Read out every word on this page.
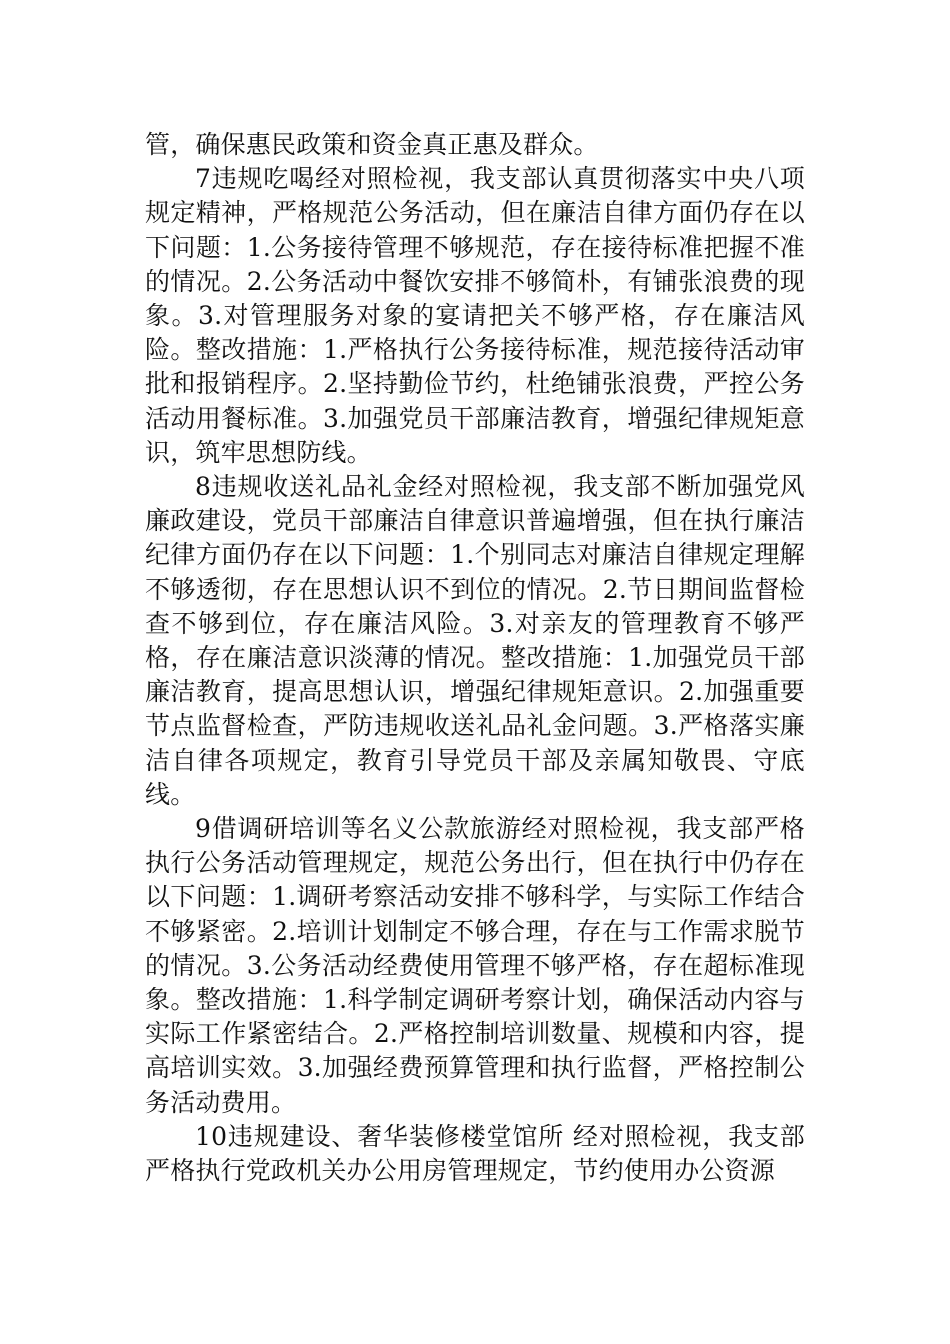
管，确保惠民政策和资金真正惠及群众。

7违规吃喝经对照检视，我支部认真贯彻落实中央八项规定精神，严格规范公务活动，但在廉洁自律方面仍存在以下问题：1.公务接待管理不够规范，存在接待标准把握不准的情况。2.公务活动中餐饮安排不够简朴，有铺张浪费的现象。3.对管理服务对象的宴请把关不够严格，存在廉洁风险。整改措施：1.严格执行公务接待标准，规范接待活动审批和报销程序。2.坚持勤俭节约，杜绝铺张浪费，严控公务活动用餐标准。3.加强党员干部廉洁教育，增强纪律规矩意识，筑牢思想防线。

8违规收送礼品礼金经对照检视，我支部不断加强党风廉政建设，党员干部廉洁自律意识普遍增强，但在执行廉洁纪律方面仍存在以下问题：1.个别同志对廉洁自律规定理解不够透彻，存在思想认识不到位的情况。2.节日期间监督检查不够到位，存在廉洁风险。3.对亲友的管理教育不够严格，存在廉洁意识淡薄的情况。整改措施：1.加强党员干部廉洁教育，提高思想认识，增强纪律规矩意识。2.加强重要节点监督检查，严防违规收送礼品礼金问题。3.严格落实廉洁自律各项规定，教育引导党员干部及亲属知敬畏、守底线。

9借调研培训等名义公款旅游经对照检视，我支部严格执行公务活动管理规定，规范公务出行，但在执行中仍存在以下问题：1.调研考察活动安排不够科学，与实际工作结合不够紧密。2.培训计划制定不够合理，存在与工作需求脱节的情况。3.公务活动经费使用管理不够严格，存在超标准现象。整改措施：1.科学制定调研考察计划，确保活动内容与实际工作紧密结合。2.严格控制培训数量、规模和内容，提高培训实效。3.加强经费预算管理和执行监督，严格控制公务活动费用。

10违规建设、奢华装修楼堂馆所 经对照检视，我支部严格执行党政机关办公用房管理规定，节约使用办公资源
